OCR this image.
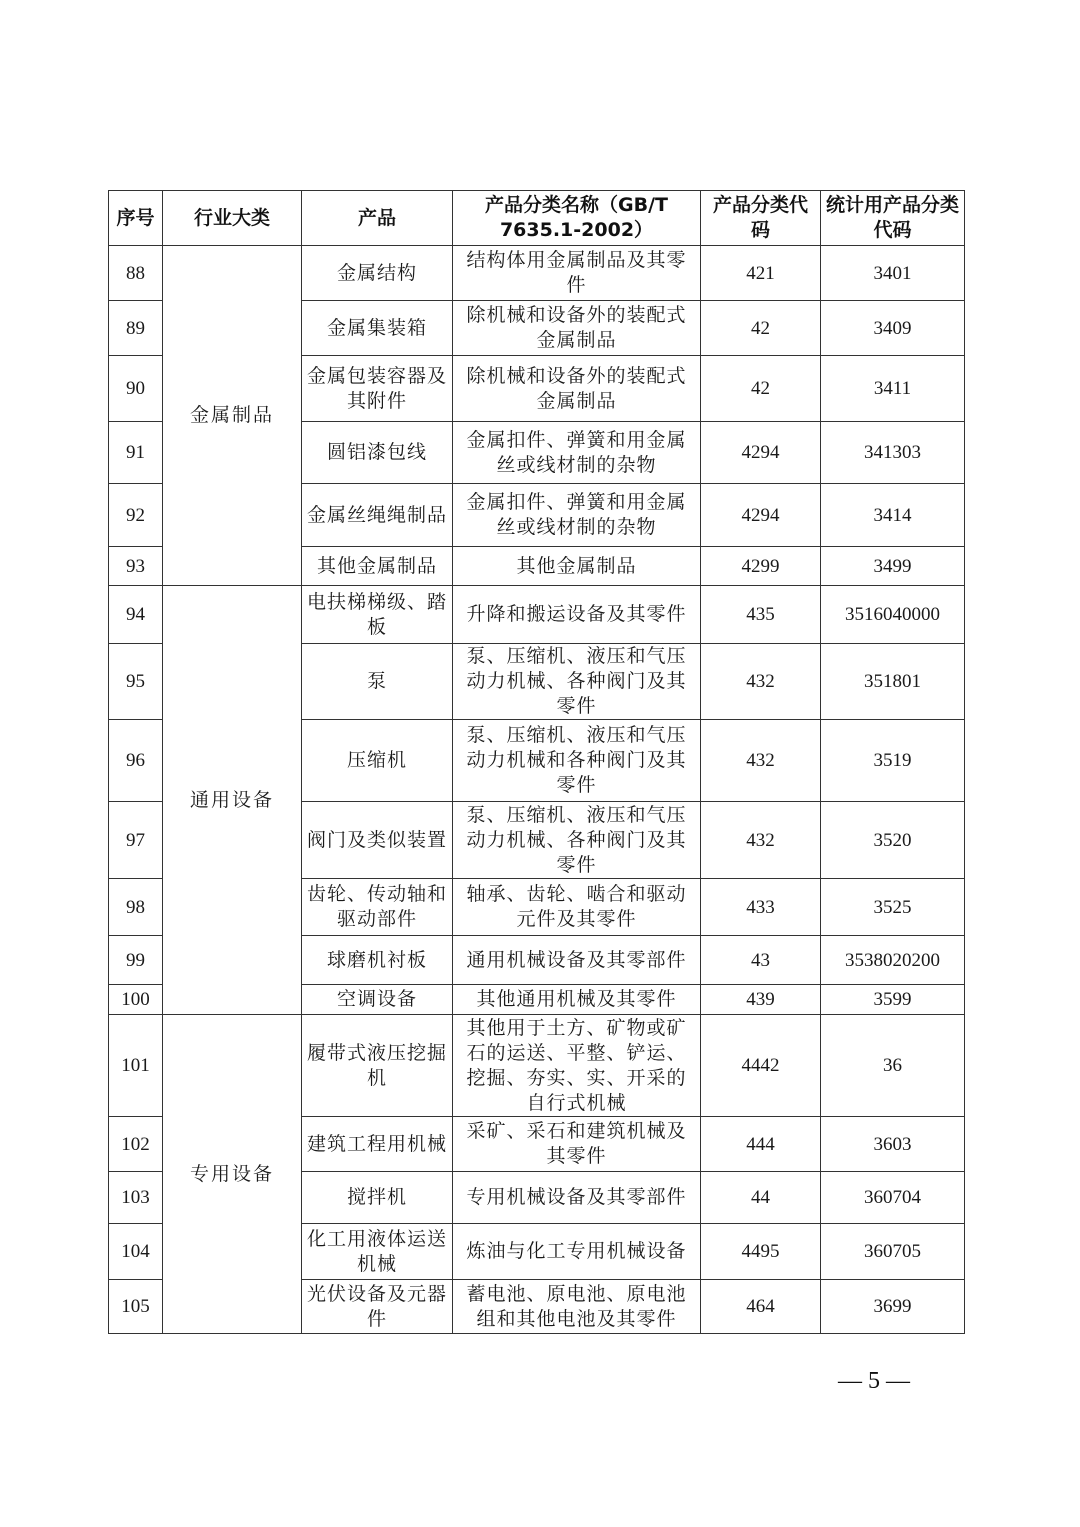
序号	行业大类	产品	产品分类名称（GB/T 7635.1-2002）	产品分类代码	统计用产品分类代码
88	金属制品	金属结构	结构体用金属制品及其零件	421	3401
89		金属集装箱	除机械和设备外的装配式金属制品	42	3409
90		金属包装容器及其附件	除机械和设备外的装配式金属制品	42	3411
91		圆铝漆包线	金属扣件、弹簧和用金属丝或线材制的杂物	4294	341303
92		金属丝绳绳制品	金属扣件、弹簧和用金属丝或线材制的杂物	4294	3414
93		其他金属制品	其他金属制品	4299	3499
94	通用设备	电扶梯梯级、踏板	升降和搬运设备及其零件	435	3516040000
95		泵	泵、压缩机、液压和气压动力机械、各种阀门及其零件	432	351801
96		压缩机	泵、压缩机、液压和气压动力机械和各种阀门及其零件	432	3519
97		阀门及类似装置	泵、压缩机、液压和气压动力机械、各种阀门及其零件	432	3520
98		齿轮、传动轴和驱动部件	轴承、齿轮、啮合和驱动元件及其零件	433	3525
99		球磨机衬板	通用机械设备及其零部件	43	3538020200
100		空调设备	其他通用机械及其零件	439	3599
101	专用设备	履带式液压挖掘机	其他用于土方、矿物或矿石的运送、平整、铲运、挖掘、夯实、实、开采的自行式机械	4442	36
102		建筑工程用机械	采矿、采石和建筑机械及其零件	444	3603
103		搅拌机	专用机械设备及其零部件	44	360704
104		化工用液体运送机械	炼油与化工专用机械设备	4495	360705
105		光伏设备及元器件	蓄电池、原电池、原电池组和其他电池及其零件	464	3699
— 5 —
